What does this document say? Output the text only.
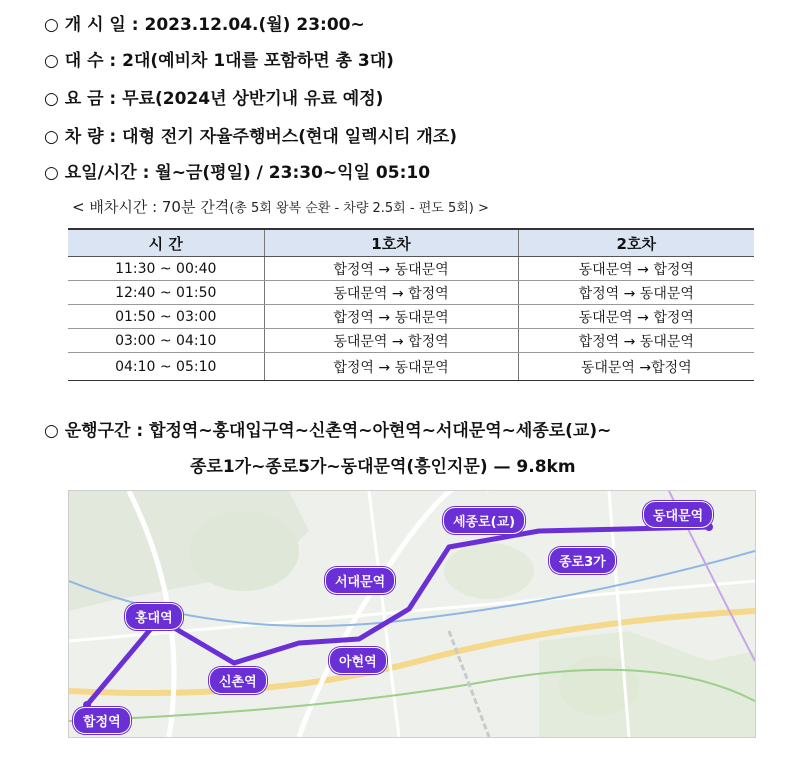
○ 개 시 일 : 2023.12.04.(월) 23:00~
○ 대 수 : 2대(예비차 1대를 포함하면 총 3대)
○ 요 금 : 무료(2024년 상반기내 유료 예정)
○ 차 량 : 대형 전기 자율주행버스(현대 일렉시티 개조)
○ 요일/시간 : 월~금(평일) / 23:30~익일 05:10
< 배차시간 : 70분 간격(총 5회 왕복 순환 - 차량 2.5회 - 편도 5회) >
시 간	1호차	2호차
11:30 ~ 00:40	합정역 → 동대문역	동대문역 → 합정역
12:40 ~ 01:50	동대문역 → 합정역	합정역 → 동대문역
01:50 ~ 03:00	합정역 → 동대문역	동대문역 → 합정역
03:00 ~ 04:10	동대문역 → 합정역	합정역 → 동대문역
04:10 ~ 05:10	합정역 → 동대문역	동대문역 →합정역
○ 운행구간 : 합정역~홍대입구역~신촌역~아현역~서대문역~세종로(교)~
종로1가~종로5가~동대문역(흥인지문) — 9.8km
합정역
홍대역
신촌역
아현역
서대문역
세종로(교)
종로3가
동대문역
